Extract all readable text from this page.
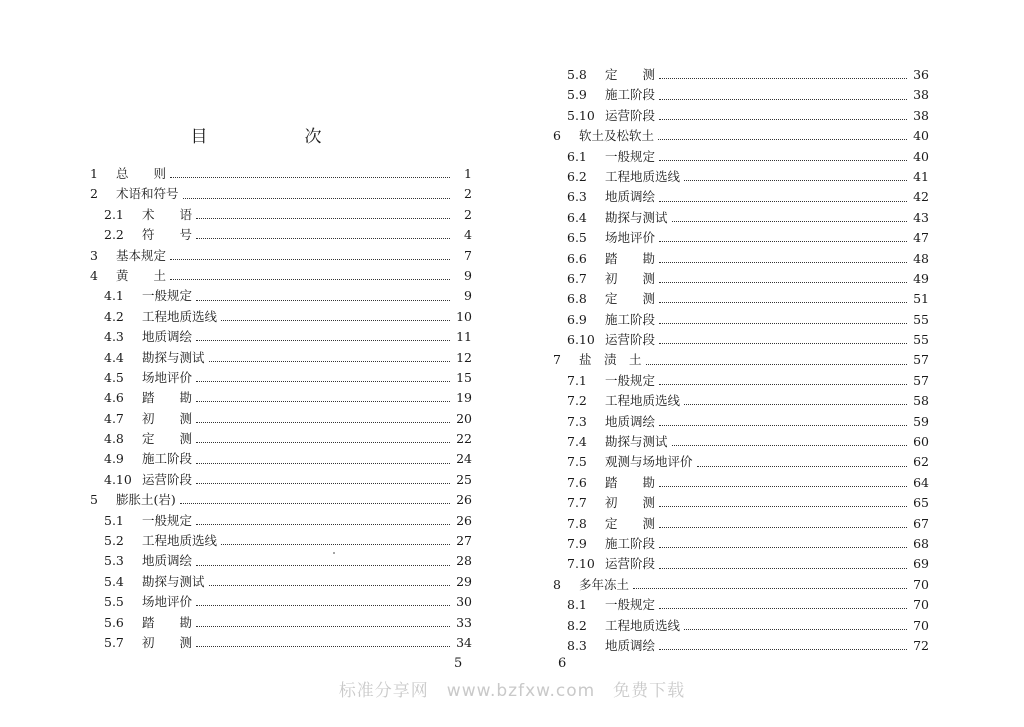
目　次
1	总　　则	1
2	术语和符号	2
2.1	术　　语	2
2.2	符　　号	4
3	基本规定	7
4	黄　　土	9
4.1	一般规定	9
4.2	工程地质选线	10
4.3	地质调绘	11
4.4	勘探与测试	12
4.5	场地评价	15
4.6	踏　　勘	19
4.7	初　　测	20
4.8	定　　测	22
4.9	施工阶段	24
4.10 运营阶段	25
5	膨胀土(岩)	26
5.1	一般规定	26
5.2	工程地质选线	27
5.3	地质调绘	28
5.4	勘探与测试	29
5.5	场地评价	30
5.6	踏　　勘	33
5.7	初　　测	34
5
5.8	定　　测	36
5.9	施工阶段	38
5.10 运营阶段	38
6	软土及松软土	40
6.1	一般规定	40
6.2	工程地质选线	41
6.3	地质调绘	42
6.4	勘探与测试	43
6.5	场地评价	47
6.6	踏　　勘	48
6.7	初　　测	49
6.8	定　　测	51
6.9	施工阶段	55
6.10 运营阶段	55
7	盐　渍　土	57
7.1	一般规定	57
7.2	工程地质选线	58
7.3	地质调绘	59
7.4	勘探与测试	60
7.5	观测与场地评价	62
7.6	踏　　勘	64
7.7	初　　测	65
7.8	定　　测	67
7.9	施工阶段	68
7.10 运营阶段	69
8	多年冻土	70
8.1	一般规定	70
8.2	工程地质选线	70
8.3	地质调绘	72
6
标准分享网　www.bzfxw.com　免费下载
